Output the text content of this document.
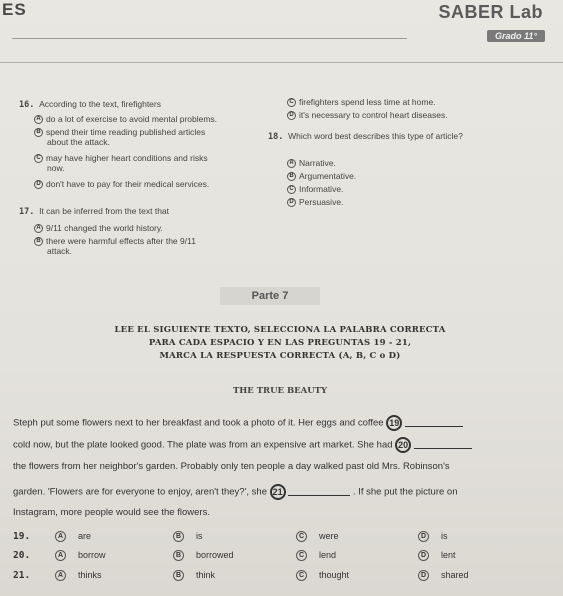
ES	SABER Lab
Grado 11°
16. According to the text, firefighters
A do a lot of exercise to avoid mental problems.
B spend their time reading published articles
about the attack.
C may have higher heart conditions and risks
now.
D don't have to pay for their medical services.
C firefighters spend less time at home.
D it's necessary to control heart diseases.
18. Which word best describes this type of article?
A Narrative.
B Argumentative.
C Informative.
D Persuasive.
17. It can be inferred from the text that
A 9/11 changed the world history.
B there were harmful effects after the 9/11
attack.
Parte 7
LEE EL SIGUIENTE TEXTO, SELECCIONA LA PALABRA CORRECTA
PARA CADA ESPACIO Y EN LAS PREGUNTAS 19 - 21,
MARCA LA RESPUESTA CORRECTA (A, B, C o D)
THE TRUE BEAUTY
Steph put some flowers next to her breakfast and took a photo of it. Her eggs and coffee 19
cold now, but the plate looked good. The plate was from an expensive art market. She had 20
the flowers from her neighbor's garden. Probably only ten people a day walked past old Mrs. Robinson's
garden. 'Flowers are for everyone to enjoy, aren't they?', she 21	. If she put the picture on
Instagram, more people would see the flowers.
19.	A are	B is	C were	D is
20.	A borrow	B borrowed	C lend	D lent
21.	A thinks	B think	C thought	D shared
